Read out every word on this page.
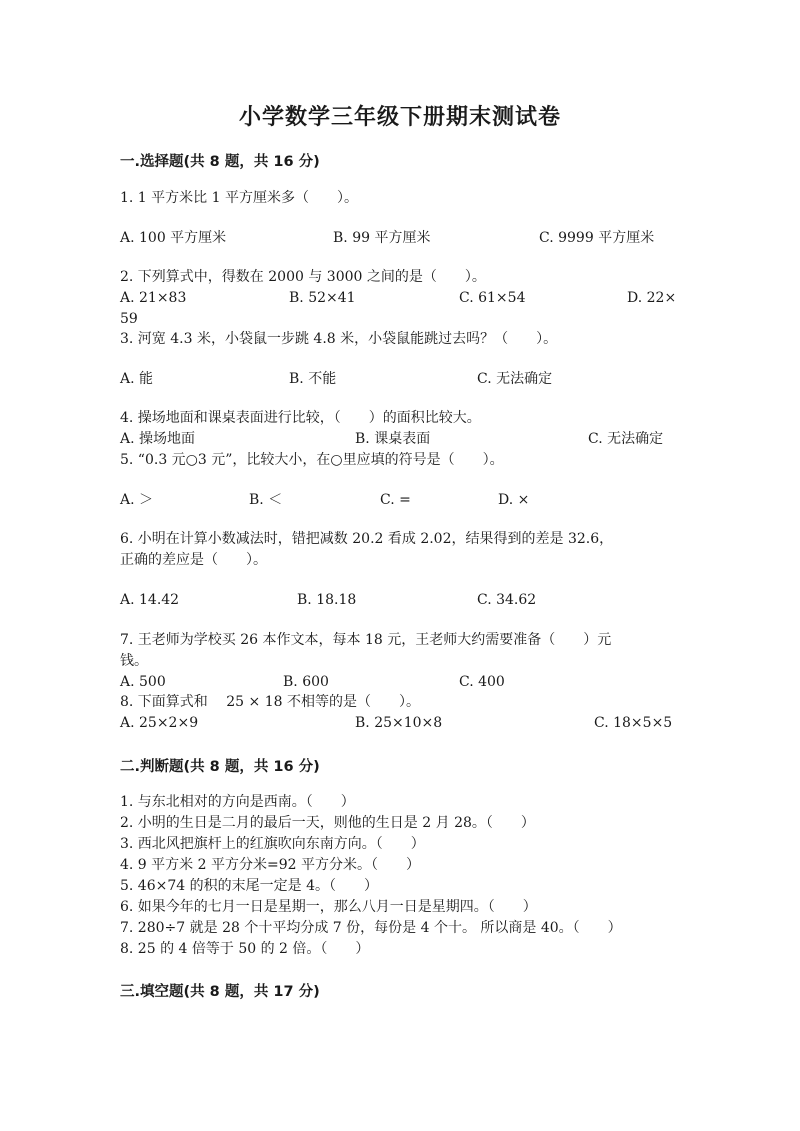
小学数学三年级下册期末测试卷
一.选择题(共 8 题，共 16 分)
1. 1 平方米比 1 平方厘米多（　　）。
A. 100 平方厘米	B. 99 平方厘米	C. 9999 平方厘米
2. 下列算式中，得数在 2000 与 3000 之间的是（　　）。
A. 21×83	B. 52×41	C. 61×54	D. 22×
59
3. 河宽 4.3 米，小袋鼠一步跳 4.8 米，小袋鼠能跳过去吗？（　　）。
A. 能	B. 不能	C. 无法确定
4. 操场地面和课桌表面进行比较，（　　）的面积比较大。
A. 操场地面	B. 课桌表面	C. 无法确定
5. “0.3 元○3 元”，比较大小，在○里应填的符号是（　　）。
A. ＞	B. ＜	C. =	D. ×
6. 小明在计算小数减法时，错把减数 20.2 看成 2.02，结果得到的差是 32.6，
正确的差应是（　　）。
A. 14.42	B. 18.18	C. 34.62
7. 王老师为学校买 26 本作文本，每本 18 元，王老师大约需要准备（　　）元
钱。
A. 500	B. 600	C. 400
8. 下面算式和　 25 × 18 不相等的是（　　）。
A. 25×2×9	B. 25×10×8	C. 18×5×5
二.判断题(共 8 题，共 16 分)
1. 与东北相对的方向是西南。（　　）
2. 小明的生日是二月的最后一天，则他的生日是 2 月 28。（　　）
3. 西北风把旗杆上的红旗吹向东南方向。（　　）
4. 9 平方米 2 平方分米=92 平方分米。（　　）
5. 46×74 的积的末尾一定是 4。（　　）
6. 如果今年的七月一日是星期一，那么八月一日是星期四。（　　）
7. 280÷7 就是 28 个十平均分成 7 份，每份是 4 个十。 所以商是 40。（　　）
8. 25 的 4 倍等于 50 的 2 倍。（　　）
三.填空题(共 8 题，共 17 分)
